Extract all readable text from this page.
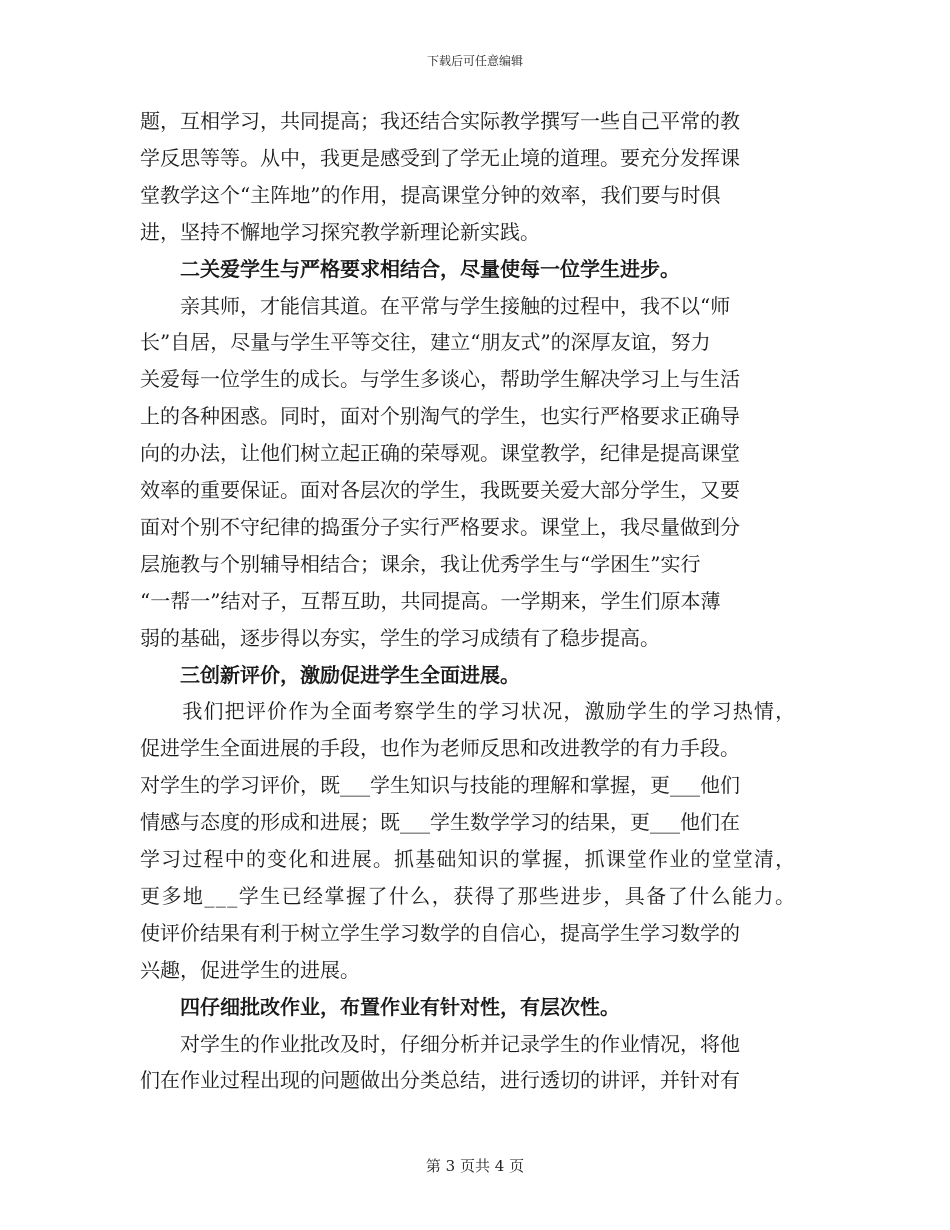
下载后可任意编辑
题，互相学习，共同提高；我还结合实际教学撰写一些自己平常的教
学反思等等。从中，我更是感受到了学无止境的道理。要充分发挥课
堂教学这个“主阵地”的作用，提高课堂分钟的效率，我们要与时俱
进，坚持不懈地学习探究教学新理论新实践。
　　二关爱学生与严格要求相结合，尽量使每一位学生进步。
　　亲其师，才能信其道。在平常与学生接触的过程中，我不以“师
长”自居，尽量与学生平等交往，建立“朋友式”的深厚友谊，努力
关爱每一位学生的成长。与学生多谈心，帮助学生解决学习上与生活
上的各种困惑。同时，面对个别淘气的学生，也实行严格要求正确导
向的办法，让他们树立起正确的荣辱观。课堂教学，纪律是提高课堂
效率的重要保证。面对各层次的学生，我既要关爱大部分学生，又要
面对个别不守纪律的捣蛋分子实行严格要求。课堂上，我尽量做到分
层施教与个别辅导相结合；课余，我让优秀学生与“学困生”实行
“一帮一”结对子，互帮互助，共同提高。一学期来，学生们原本薄
弱的基础，逐步得以夯实，学生的学习成绩有了稳步提高。
　　三创新评价，激励促进学生全面进展。
　　我们把评价作为全面考察学生的学习状况，激励学生的学习热情，
促进学生全面进展的手段，也作为老师反思和改进教学的有力手段。
对学生的学习评价，既___学生知识与技能的理解和掌握，更___他们
情感与态度的形成和进展；既___学生数学学习的结果，更___他们在
学习过程中的变化和进展。抓基础知识的掌握，抓课堂作业的堂堂清，
更多地___学生已经掌握了什么，获得了那些进步，具备了什么能力。
使评价结果有利于树立学生学习数学的自信心，提高学生学习数学的
兴趣，促进学生的进展。
　　四仔细批改作业，布置作业有针对性，有层次性。
　　对学生的作业批改及时，仔细分析并记录学生的作业情况，将他
们在作业过程出现的问题做出分类总结，进行透切的讲评，并针对有
第 3 页共 4 页
